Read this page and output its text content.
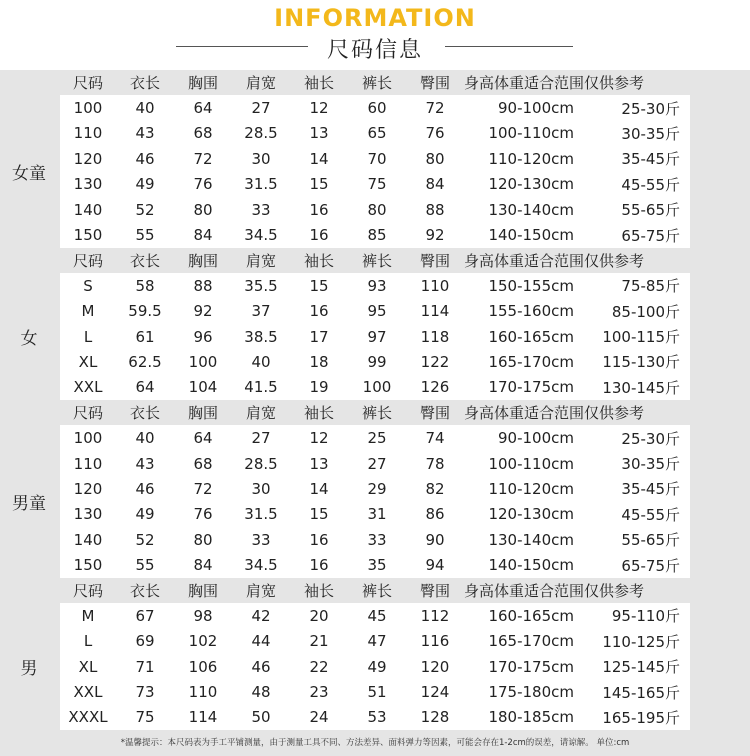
INFORMATION
尺码信息
尺码	衣长	胸围	肩宽	袖长	裤长	臀围 身高体重适合范围 仅供参考
100	40	64	27	12	60	72	90-100cm	25-30斤
110	43	68	28.5	13	65	76	100-110cm	30-35斤
120	46	72	30	14	70	80	110-120cm	35-45斤
130	49	76	31.5	15	75	84	120-130cm	45-55斤
140	52	80	33	16	80	88	130-140cm	55-65斤
150	55	84	34.5	16	85	92	140-150cm	65-75斤
女童
尺码	衣长	胸围	肩宽	袖长	裤长	臀围 身高体重适合范围 仅供参考
S	58	88	35.5	15	93	110	150-155cm	75-85斤
M	59.5	92	37	16	95	114	155-160cm	85-100斤
L	61	96	38.5	17	97	118	160-165cm	100-115斤
XL	62.5	100	40	18	99	122	165-170cm	115-130斤
XXL	64	104	41.5	19	100	126	170-175cm	130-145斤
女
尺码	衣长	胸围	肩宽	袖长	裤长	臀围 身高体重适合范围 仅供参考
100	40	64	27	12	25	74	90-100cm	25-30斤
110	43	68	28.5	13	27	78	100-110cm	30-35斤
120	46	72	30	14	29	82	110-120cm	35-45斤
130	49	76	31.5	15	31	86	120-130cm	45-55斤
140	52	80	33	16	33	90	130-140cm	55-65斤
150	55	84	34.5	16	35	94	140-150cm	65-75斤
男童
尺码	衣长	胸围	肩宽	袖长	裤长	臀围 身高体重适合范围 仅供参考
M	67	98	42	20	45	112	160-165cm	95-110斤
L	69	102	44	21	47	116	165-170cm	110-125斤
XL	71	106	46	22	49	120	170-175cm	125-145斤
XXL	73	110	48	23	51	124	175-180cm	145-165斤
XXXL	75	114	50	24	53	128	180-185cm	165-195斤
男
*温馨提示：本尺码表为手工平铺测量，由于测量工具不同、方法差异、面料弹力等因素，可能会存在1-2cm的误差，请谅解。 单位:cm
